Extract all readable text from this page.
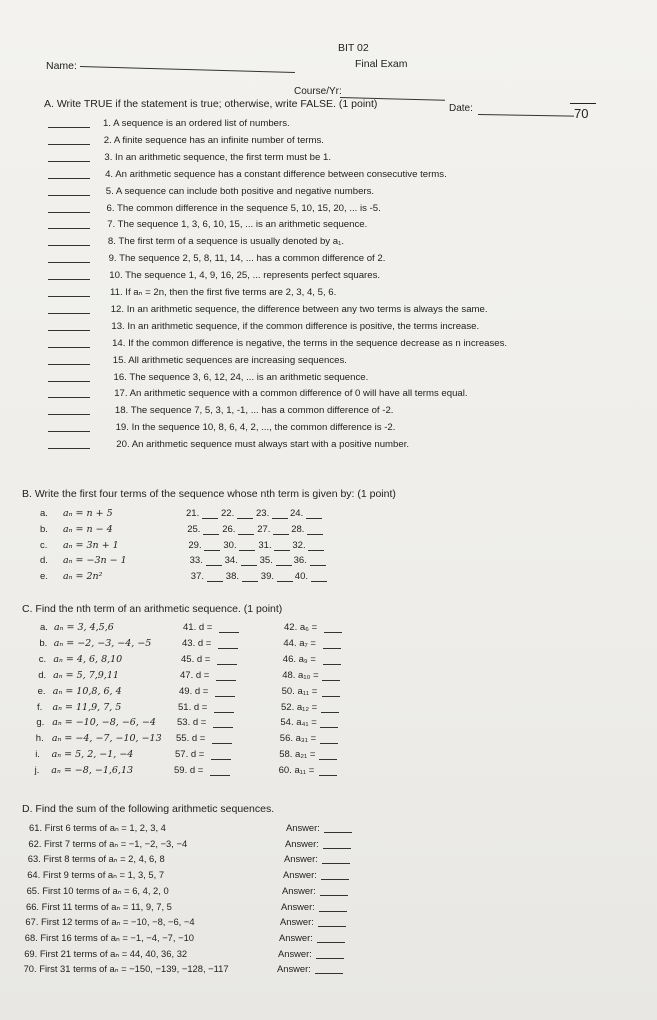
BIT 02
Final Exam
Name:
Course/Yr:
Date:	70
A. Write TRUE if the statement is true; otherwise, write FALSE. (1 point)
1. A sequence is an ordered list of numbers.
2. A finite sequence has an infinite number of terms.
3. In an arithmetic sequence, the first term must be 1.
4. An arithmetic sequence has a constant difference between consecutive terms.
5. A sequence can include both positive and negative numbers.
6. The common difference in the sequence 5, 10, 15, 20, ... is -5.
7. The sequence 1, 3, 6, 10, 15, ... is an arithmetic sequence.
8. The first term of a sequence is usually denoted by a₁.
9. The sequence 2, 5, 8, 11, 14, ... has a common difference of 2.
10. The sequence 1, 4, 9, 16, 25, ... represents perfect squares.
11. If aₙ = 2n, then the first five terms are 2, 3, 4, 5, 6.
12. In an arithmetic sequence, the difference between any two terms is always the same.
13. In an arithmetic sequence, if the common difference is positive, the terms increase.
14. If the common difference is negative, the terms in the sequence decrease as n increases.
15. All arithmetic sequences are increasing sequences.
16. The sequence 3, 6, 12, 24, ... is an arithmetic sequence.
17. An arithmetic sequence with a common difference of 0 will have all terms equal.
18. The sequence 7, 5, 3, 1, -1, ... has a common difference of -2.
19. In the sequence 10, 8, 6, 4, 2, ..., the common difference is -2.
20. An arithmetic sequence must always start with a positive number.
B. Write the first four terms of the sequence whose nth term is given by: (1 point)
a. aₙ = n + 5	21. 22. 23. 24.
b. aₙ = n − 4	25. 26. 27. 28.
c. aₙ = 3n + 1	29. 30. 31. 32.
d. aₙ = −3n − 1	33. 34. 35. 36.
e. aₙ = 2n²	37. 38. 39. 40.
C. Find the nth term of an arithmetic sequence. (1 point)
a. aₙ = 3, 4,5,6	41. d =	42. a₆ =
b. aₙ = −2, −3, −4, −5	43. d =	44. a₇ =
c. aₙ = 4, 6, 8,10	45. d =	46. a₉ =
d. aₙ = 5, 7,9,11	47. d =	48. a₁₀ =
e. aₙ = 10,8, 6, 4	49. d =	50. a₁₁ =
f. aₙ = 11,9, 7, 5	51. d =	52. a₁₂ =
g. aₙ = −10, −8, −6, −4 53. d =	54. a₄₁ =
h. aₙ = −4, −7, −10, −13 55. d =	56. a₃₁ =
i. aₙ = 5, 2, −1, −4	57. d =	58. a₂₁ =
j. aₙ = −8, −1,6,13	59. d =	60. a₁₁ =
D. Find the sum of the following arithmetic sequences.
61. First 6 terms of aₙ = 1, 2, 3, 4	Answer:
62. First 7 terms of aₙ = −1, −2, −3, −4	Answer:
63. First 8 terms of aₙ = 2, 4, 6, 8	Answer:
64. First 9 terms of aₙ = 1, 3, 5, 7	Answer:
65. First 10 terms of aₙ = 6, 4, 2, 0	Answer:
66. First 11 terms of aₙ = 11, 9, 7, 5	Answer:
67. First 12 terms of aₙ = −10, −8, −6, −4	Answer:
68. First 16 terms of aₙ = −1, −4, −7, −10	Answer:
69. First 21 terms of aₙ = 44, 40, 36, 32	Answer:
70. First 31 terms of aₙ = −150, −139, −128, −117	Answer:
